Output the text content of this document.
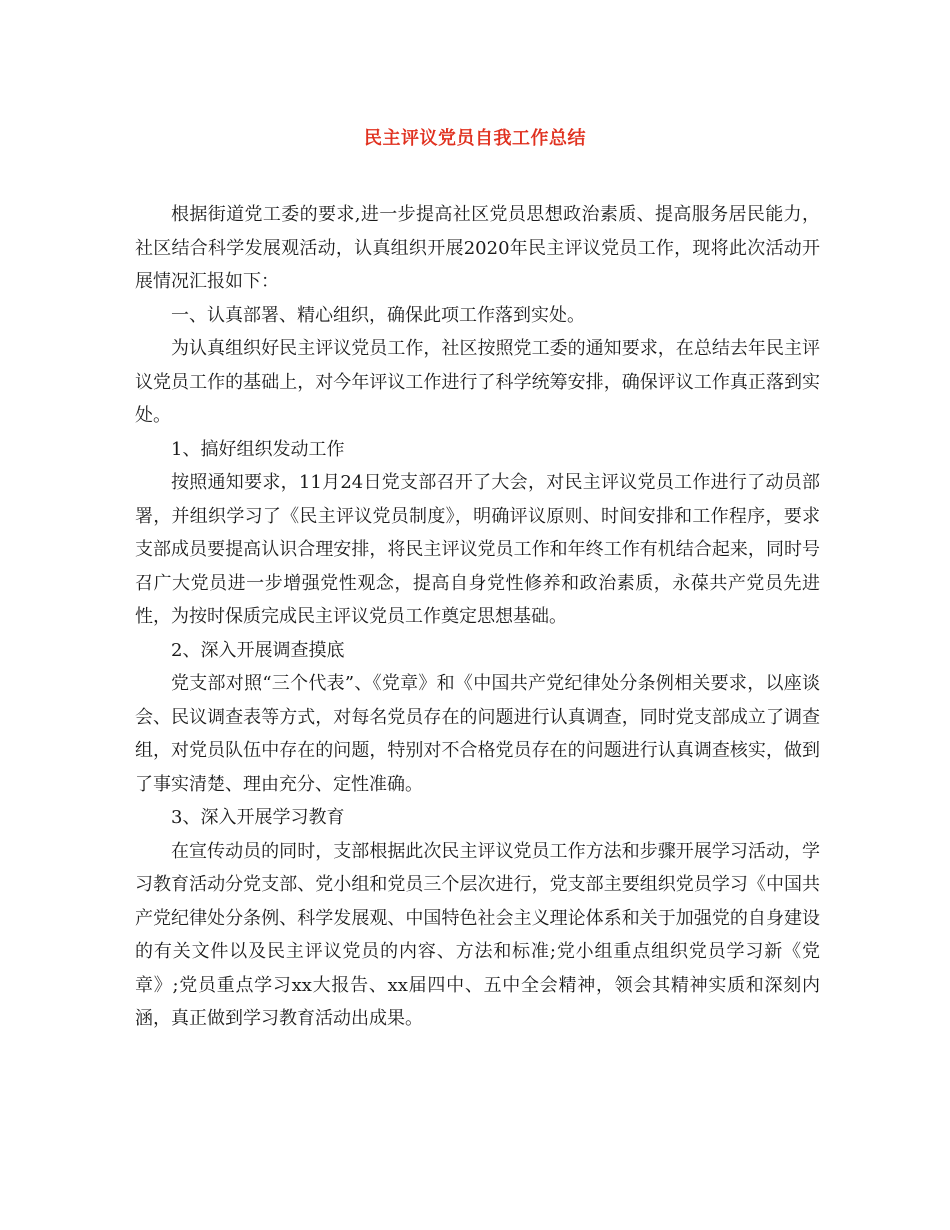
民主评议党员自我工作总结

根据街道党工委的要求,进一步提高社区党员思想政治素质、提高服务居民能力，社区结合科学发展观活动，认真组织开展2020年民主评议党员工作，现将此次活动开展情况汇报如下：

一、认真部署、精心组织，确保此项工作落到实处。

为认真组织好民主评议党员工作，社区按照党工委的通知要求，在总结去年民主评议党员工作的基础上，对今年评议工作进行了科学统筹安排，确保评议工作真正落到实处。

1、搞好组织发动工作

按照通知要求，11月24日党支部召开了大会，对民主评议党员工作进行了动员部署，并组织学习了《民主评议党员制度》，明确评议原则、时间安排和工作程序，要求支部成员要提高认识合理安排，将民主评议党员工作和年终工作有机结合起来，同时号召广大党员进一步增强党性观念，提高自身党性修养和政治素质，永葆共产党员先进性，为按时保质完成民主评议党员工作奠定思想基础。

2、深入开展调查摸底

党支部对照“三个代表”、《党章》和《中国共产党纪律处分条例相关要求，以座谈会、民议调查表等方式，对每名党员存在的问题进行认真调查，同时党支部成立了调查组，对党员队伍中存在的问题，特别对不合格党员存在的问题进行认真调查核实，做到了事实清楚、理由充分、定性准确。

3、深入开展学习教育

在宣传动员的同时，支部根据此次民主评议党员工作方法和步骤开展学习活动，学习教育活动分党支部、党小组和党员三个层次进行，党支部主要组织党员学习《中国共产党纪律处分条例、科学发展观、中国特色社会主义理论体系和关于加强党的自身建设的有关文件以及民主评议党员的内容、方法和标准;党小组重点组织党员学习新《党章》;党员重点学习xx大报告、xx届四中、五中全会精神，领会其精神实质和深刻内涵，真正做到学习教育活动出成果。
